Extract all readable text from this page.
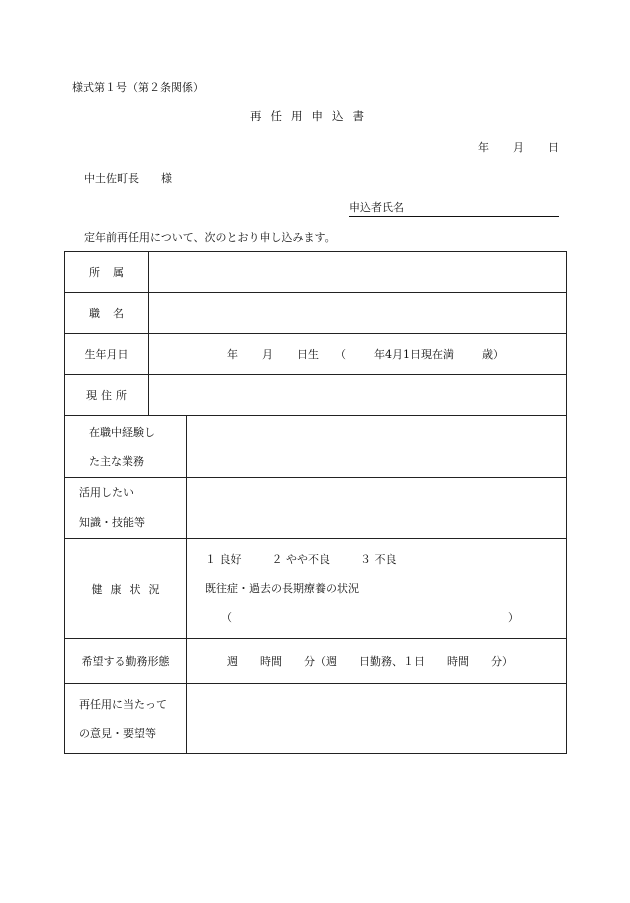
様式第１号（第２条関係）
再任用申込書
年 月 日
中土佐町長　　様
申込者氏名
定年前再任用について、次のとおり申し込みます。
所属		
職名		
生年月日	年 月 日生 （ 年4月1日現在満 歳）	
現住所		

在職中経験し
た主な業務		

活用したい
知識・技能等		

健康状況		１ 良好 ２ やや不良 ３ 不良
既往症・過去の長期療養の状況
（ ）

希望する勤務形態		週 時間 分（週 日勤務、１日 時間 分）

再任用に当たって
の意見・要望等		
